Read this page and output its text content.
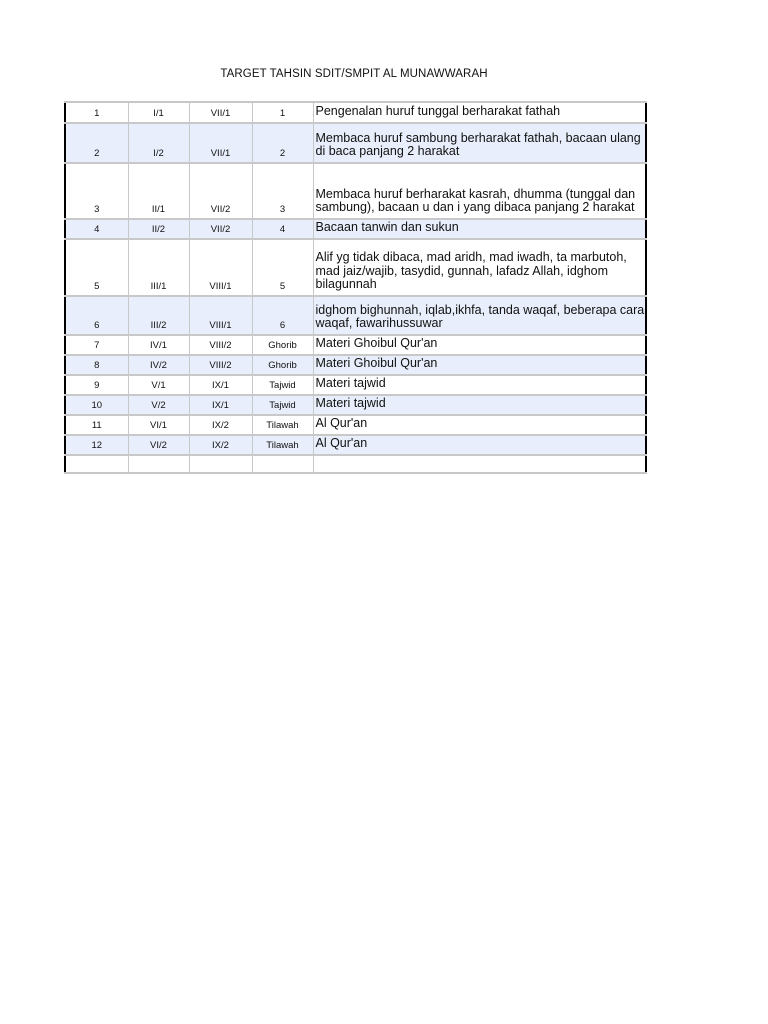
TARGET TAHSIN SDIT/SMPIT AL MUNAWWARAH
1	I/1	VII/1	1	Pengenalan huruf tunggal berharakat fathah
2	I/2	VII/1	2	Membaca huruf sambung berharakat fathah, bacaan ulang di baca panjang 2 harakat
3	II/1	VII/2	3	Membaca huruf berharakat kasrah, dhumma (tunggal dan sambung), bacaan u dan i yang dibaca panjang 2 harakat
4	II/2	VII/2	4	Bacaan tanwin dan sukun
5	III/1	VIII/1	5	Alif yg tidak dibaca, mad aridh, mad iwadh, ta marbutoh, mad jaiz/wajib, tasydid, gunnah, lafadz Allah, idghom bilagunnah
6	III/2	VIII/1	6	idghom bighunnah, iqlab,ikhfa, tanda waqaf, beberapa cara waqaf, fawarihussuwar
7	IV/1	VIII/2	Ghorib	Materi Ghoibul Qur'an
8	IV/2	VIII/2	Ghorib	Materi Ghoibul Qur'an
9	V/1	IX/1	Tajwid	Materi tajwid
10	V/2	IX/1	Tajwid	Materi tajwid
11	VI/1	IX/2	Tilawah	Al Qur'an
12	VI/2	IX/2	Tilawah	Al Qur'an
